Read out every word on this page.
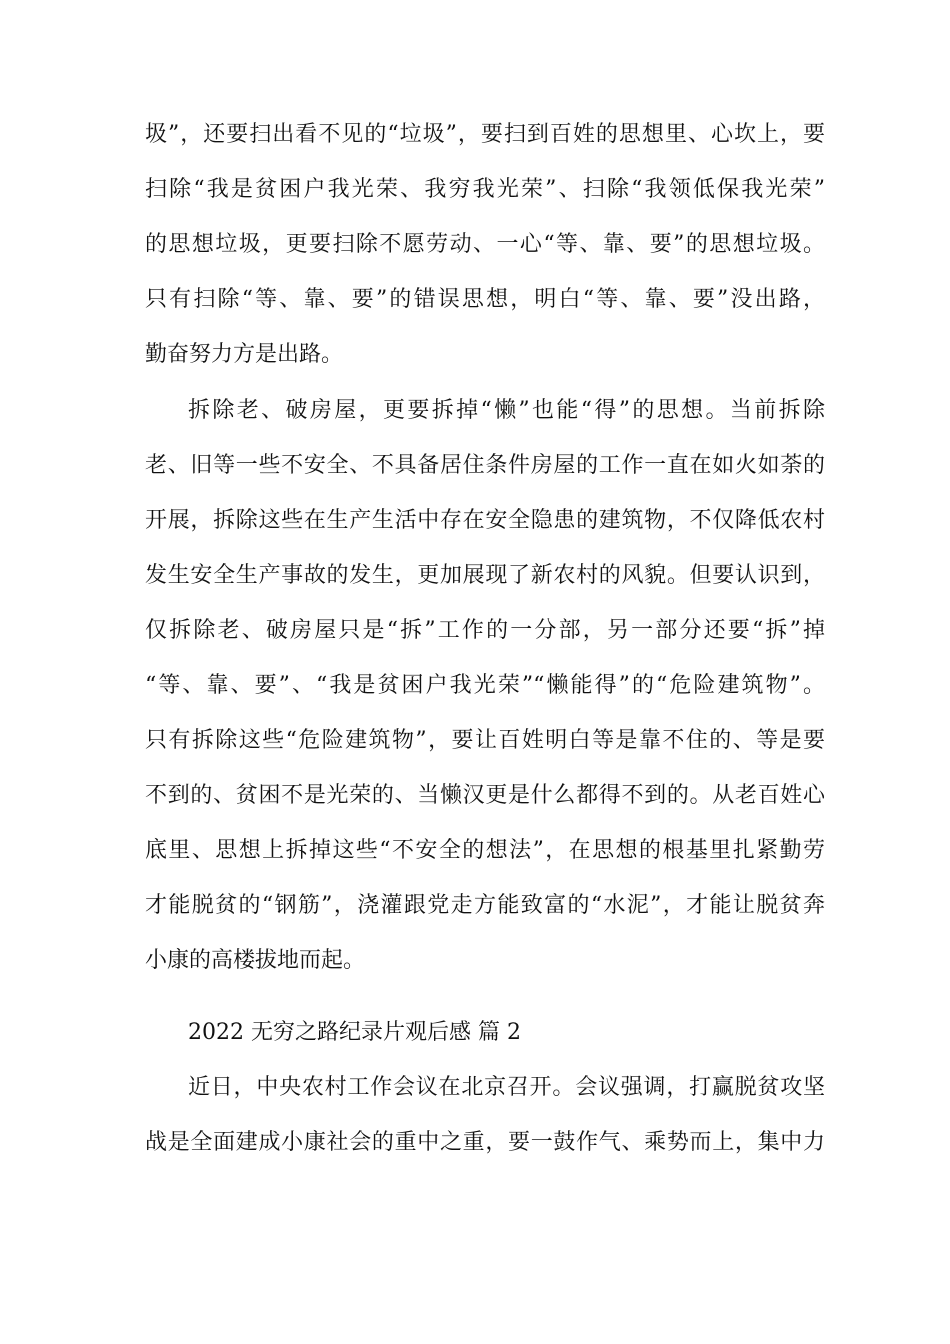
圾”，还要扫出看不见的“垃圾”，要扫到百姓的思想里、心坎上，要

扫除“我是贫困户我光荣、我穷我光荣”、扫除“我领低保我光荣”

的思想垃圾，更要扫除不愿劳动、一心“等、靠、要”的思想垃圾。

只有扫除“等、靠、要”的错误思想，明白“等、靠、要”没出路，

勤奋努力方是出路。

拆除老、破房屋，更要拆掉“懒”也能“得”的思想。当前拆除

老、旧等一些不安全、不具备居住条件房屋的工作一直在如火如荼的

开展，拆除这些在生产生活中存在安全隐患的建筑物，不仅降低农村

发生安全生产事故的发生，更加展现了新农村的风貌。但要认识到，

仅拆除老、破房屋只是“拆”工作的一分部，另一部分还要“拆”掉

“等、靠、要”、“我是贫困户我光荣”“懒能得”的“危险建筑物”。

只有拆除这些“危险建筑物”，要让百姓明白等是靠不住的、等是要

不到的、贫困不是光荣的、当懒汉更是什么都得不到的。从老百姓心

底里、思想上拆掉这些“不安全的想法”，在思想的根基里扎紧勤劳

才能脱贫的“钢筋”，浇灌跟党走方能致富的“水泥”，才能让脱贫奔

小康的高楼拔地而起。

2022 无穷之路纪录片观后感 篇 2

近日，中央农村工作会议在北京召开。会议强调，打赢脱贫攻坚

战是全面建成小康社会的重中之重，要一鼓作气、乘势而上，集中力
